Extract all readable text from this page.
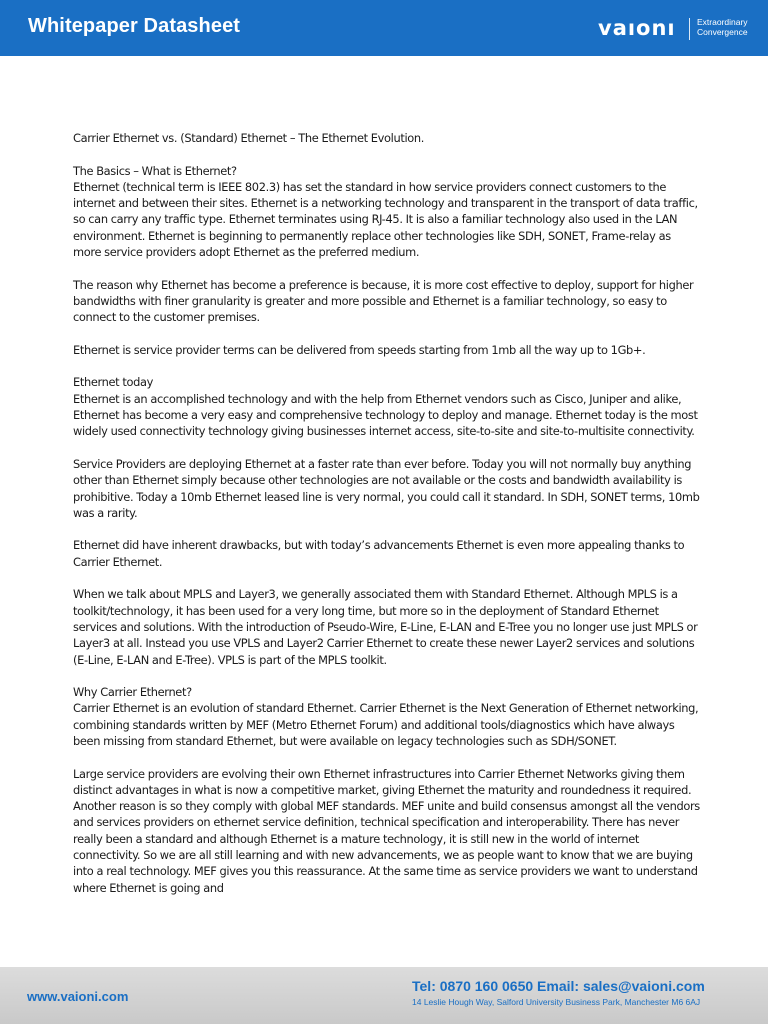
Whitepaper Datasheet	vaıonı	Extraordinary
Convergence

Carrier Ethernet vs. (Standard) Ethernet – The Ethernet Evolution.

The Basics – What is Ethernet?

Ethernet (technical term is IEEE 802.3) has set the standard in how service providers connect customers to the internet and between their sites. Ethernet is a networking technology and transparent in the transport of data traffic, so can carry any traffic type. Ethernet terminates using RJ-45. It is also a familiar technology also used in the LAN environment. Ethernet is beginning to permanently replace other technologies like SDH, SONET, Frame-relay as more service providers adopt Ethernet as the preferred medium.

The reason why Ethernet has become a preference is because, it is more cost effective to deploy, support for higher bandwidths with finer granularity is greater and more possible and Ethernet is a familiar technology, so easy to connect to the customer premises.

Ethernet is service provider terms can be delivered from speeds starting from 1mb all the way up to 1Gb+.

Ethernet today

Ethernet is an accomplished technology and with the help from Ethernet vendors such as Cisco, Juniper and alike, Ethernet has become a very easy and comprehensive technology to deploy and manage. Ethernet today is the most widely used connectivity technology giving businesses internet access, site-to-site and site-to-multisite connectivity.

Service Providers are deploying Ethernet at a faster rate than ever before. Today you will not normally buy anything other than Ethernet simply because other technologies are not available or the costs and bandwidth availability is prohibitive. Today a 10mb Ethernet leased line is very normal, you could call it standard. In SDH, SONET terms, 10mb was a rarity.

Ethernet did have inherent drawbacks, but with today’s advancements Ethernet is even more appealing thanks to Carrier Ethernet.

When we talk about MPLS and Layer3, we generally associated them with Standard Ethernet. Although MPLS is a toolkit/technology, it has been used for a very long time, but more so in the deployment of Standard Ethernet services and solutions. With the introduction of Pseudo-Wire, E-Line, E-LAN and E-Tree you no longer use just MPLS or Layer3 at all. Instead you use VPLS and Layer2 Carrier Ethernet to create these newer Layer2 services and solutions (E-Line, E-LAN and E-Tree). VPLS is part of the MPLS toolkit.

Why Carrier Ethernet?

Carrier Ethernet is an evolution of standard Ethernet. Carrier Ethernet is the Next Generation of Ethernet networking, combining standards written by MEF (Metro Ethernet Forum) and additional tools/diagnostics which have always been missing from standard Ethernet, but were available on legacy technologies such as SDH/SONET.

Large service providers are evolving their own Ethernet infrastructures into Carrier Ethernet Networks giving them distinct advantages in what is now a competitive market, giving Ethernet the maturity and roundedness it required. Another reason is so they comply with global MEF standards. MEF unite and build consensus amongst all the vendors and services providers on ethernet service definition, technical specification and interoperability. There has never really been a standard and although Ethernet is a mature technology, it is still new in the world of internet connectivity. So we are all still learning and with new advancements, we as people want to know that we are buying into a real technology. MEF gives you this reassurance. At the same time as service providers we want to understand where Ethernet is going and

www.vaioni.com
Tel: 0870 160 0650 Email: sales@vaioni.com
14 Leslie Hough Way, Salford University Business Park, Manchester M6 6AJ
